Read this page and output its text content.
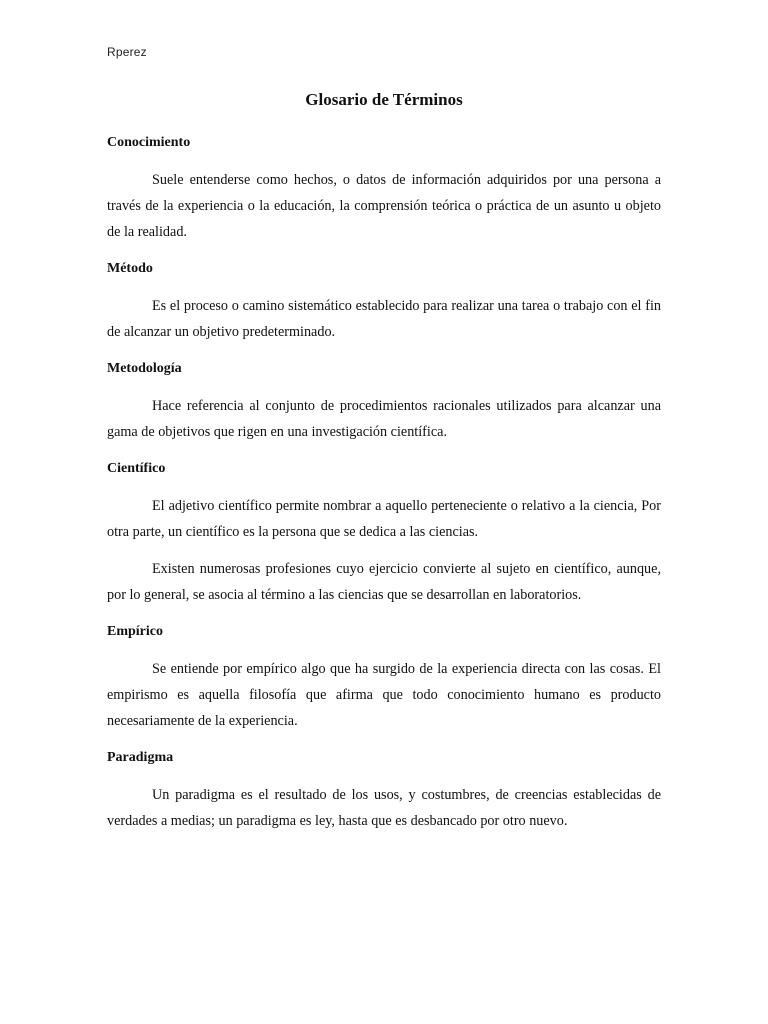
Rperez
Glosario de Términos
Conocimiento

Suele entenderse como hechos, o datos de información adquiridos por una persona a través de la experiencia o la educación, la comprensión teórica o práctica de un asunto u objeto de la realidad.

Método

Es el proceso o camino sistemático establecido para realizar una tarea o trabajo con el fin de alcanzar un objetivo predeterminado.

Metodología

Hace referencia al conjunto de procedimientos racionales utilizados para alcanzar una gama de objetivos que rigen en una investigación científica.

Científico

El adjetivo científico permite nombrar a aquello perteneciente o relativo a la ciencia, Por otra parte, un científico es la persona que se dedica a las ciencias.

Existen numerosas profesiones cuyo ejercicio convierte al sujeto en científico, aunque, por lo general, se asocia al término a las ciencias que se desarrollan en laboratorios.

Empírico

Se entiende por empírico algo que ha surgido de la experiencia directa con las cosas. El empirismo es aquella filosofía que afirma que todo conocimiento humano es producto necesariamente de la experiencia.

Paradigma

Un paradigma es el resultado de los usos, y costumbres, de creencias establecidas de verdades a medias; un paradigma es ley, hasta que es desbancado por otro nuevo.
